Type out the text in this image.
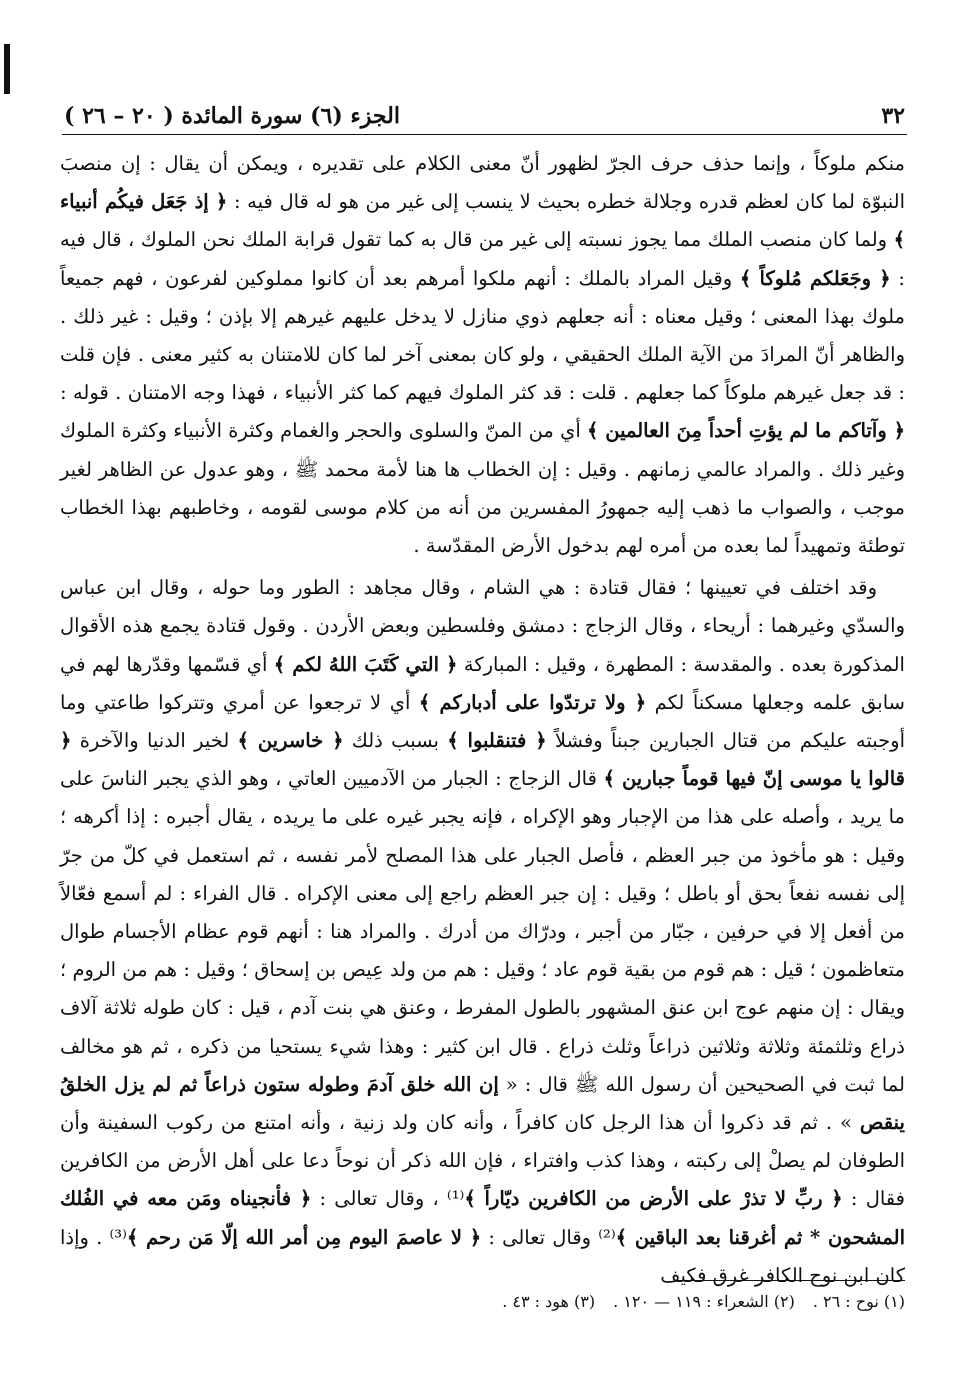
٣٢
الجزء (٦) سورة المائدة ( ٢٠ – ٢٦ )

منكم ملوكاً ، وإنما حذف حرف الجرّ لظهور أنّ معنى الكلام على تقديره ، ويمكن أن يقال : إن منصبَ النبوّة لما كان لعظم قدره وجلالة خطره بحيث لا ينسب إلى غير من هو له قال فيه : ﴿ إذ جَعَل فيكُم أنبياء ﴾ ولما كان منصب الملك مما يجوز نسبته إلى غير من قال به كما تقول قرابة الملك نحن الملوك ، قال فيه : ﴿ وجَعَلكم مُلوكاً ﴾ وقيل المراد بالملك : أنهم ملكوا أمرهم بعد أن كانوا مملوكين لفرعون ، فهم جميعاً ملوك بهذا المعنى ؛ وقيل معناه : أنه جعلهم ذوي منازل لا يدخل عليهم غيرهم إلا بإذن ؛ وقيل : غير ذلك . والظاهر أنّ المرادَ من الآية الملك الحقيقي ، ولو كان بمعنى آخر لما كان للامتنان به كثير معنى . فإن قلت : قد جعل غيرهم ملوكاً كما جعلهم . قلت : قد كثر الملوك فيهم كما كثر الأنبياء ، فهذا وجه الامتنان . قوله : ﴿ وآتاكم ما لم يؤتِ أحداً مِنَ العالمين ﴾ أي من المنّ والسلوى والحجر والغمام وكثرة الأنبياء وكثرة الملوك وغير ذلك . والمراد عالمي زمانهم . وقيل : إن الخطاب ها هنا لأمة محمد ﷺ ، وهو عدول عن الظاهر لغير موجب ، والصواب ما ذهب إليه جمهورُ المفسرين من أنه من كلام موسى لقومه ، وخاطبهم بهذا الخطاب توطئة وتمهيداً لما بعده من أمره لهم بدخول الأرض المقدّسة .

وقد اختلف في تعيينها ؛ فقال قتادة : هي الشام ، وقال مجاهد : الطور وما حوله ، وقال ابن عباس والسدّي وغيرهما : أريحاء ، وقال الزجاج : دمشق وفلسطين وبعض الأردن . وقول قتادة يجمع هذه الأقوال المذكورة بعده . والمقدسة : المطهرة ، وقيل : المباركة ﴿ التي كَتَبَ اللهُ لكم ﴾ أي قسّمها وقدّرها لهم في سابق علمه وجعلها مسكناً لكم ﴿ ولا ترتدّوا على أدباركم ﴾ أي لا ترجعوا عن أمري وتتركوا طاعتي وما أوجبته عليكم من قتال الجبارين جبناً وفشلاً ﴿ فتنقلبوا ﴾ بسبب ذلك ﴿ خاسرين ﴾ لخير الدنيا والآخرة ﴿ قالوا يا موسى إنّ فيها قوماً جبارين ﴾ قال الزجاج : الجبار من الآدميين العاتي ، وهو الذي يجبر الناسَ على ما يريد ، وأصله على هذا من الإجبار وهو الإكراه ، فإنه يجبر غيره على ما يريده ، يقال أجبره : إذا أكرهه ؛ وقيل : هو مأخوذ من جبر العظم ، فأصل الجبار على هذا المصلح لأمر نفسه ، ثم استعمل في كلّ من جرّ إلى نفسه نفعاً بحق أو باطل ؛ وقيل : إن جبر العظم راجع إلى معنى الإكراه . قال الفراء : لم أسمع فعّالاً من أفعل إلا في حرفين ، جبّار من أجبر ، ودرّاك من أدرك . والمراد هنا : أنهم قوم عظام الأجسام طوال متعاظمون ؛ قيل : هم قوم من بقية قوم عاد ؛ وقيل : هم من ولد عِيص بن إسحاق ؛ وقيل : هم من الروم ؛ ويقال : إن منهم عوج ابن عنق المشهور بالطول المفرط ، وعنق هي بنت آدم ، قيل : كان طوله ثلاثة آلاف ذراع وثلثمئة وثلاثة وثلاثين ذراعاً وثلث ذراع . قال ابن كثير : وهذا شيء يستحيا من ذكره ، ثم هو مخالف لما ثبت في الصحيحين أن رسول الله ﷺ قال : « إن الله خلق آدمَ وطوله ستون ذراعاً ثم لم يزل الخلقُ ينقص » . ثم قد ذكروا أن هذا الرجل كان كافراً ، وأنه كان ولد زنية ، وأنه امتنع من ركوب السفينة وأن الطوفان لم يصلْ إلى ركبته ، وهذا كذب وافتراء ، فإن الله ذكر أن نوحاً دعا على أهل الأرض من الكافرين فقال : ﴿ ربِّ لا تذرْ على الأرض من الكافرين ديّاراً ﴾⁽¹⁾ ، وقال تعالى : ﴿ فأنجيناه ومَن معه في الفُلك المشحون * ثم أغرقنا بعد الباقين ﴾⁽²⁾ وقال تعالى : ﴿ لا عاصمَ اليوم مِن أمر الله إلّا مَن رحم ﴾⁽³⁾ . وإذا كان ابن نوح الكافر غرق فكيف

(١) نوح : ٢٦ .
(٢) الشعراء : ١١٩ — ١٢٠ .
(٣) هود : ٤٣ .
